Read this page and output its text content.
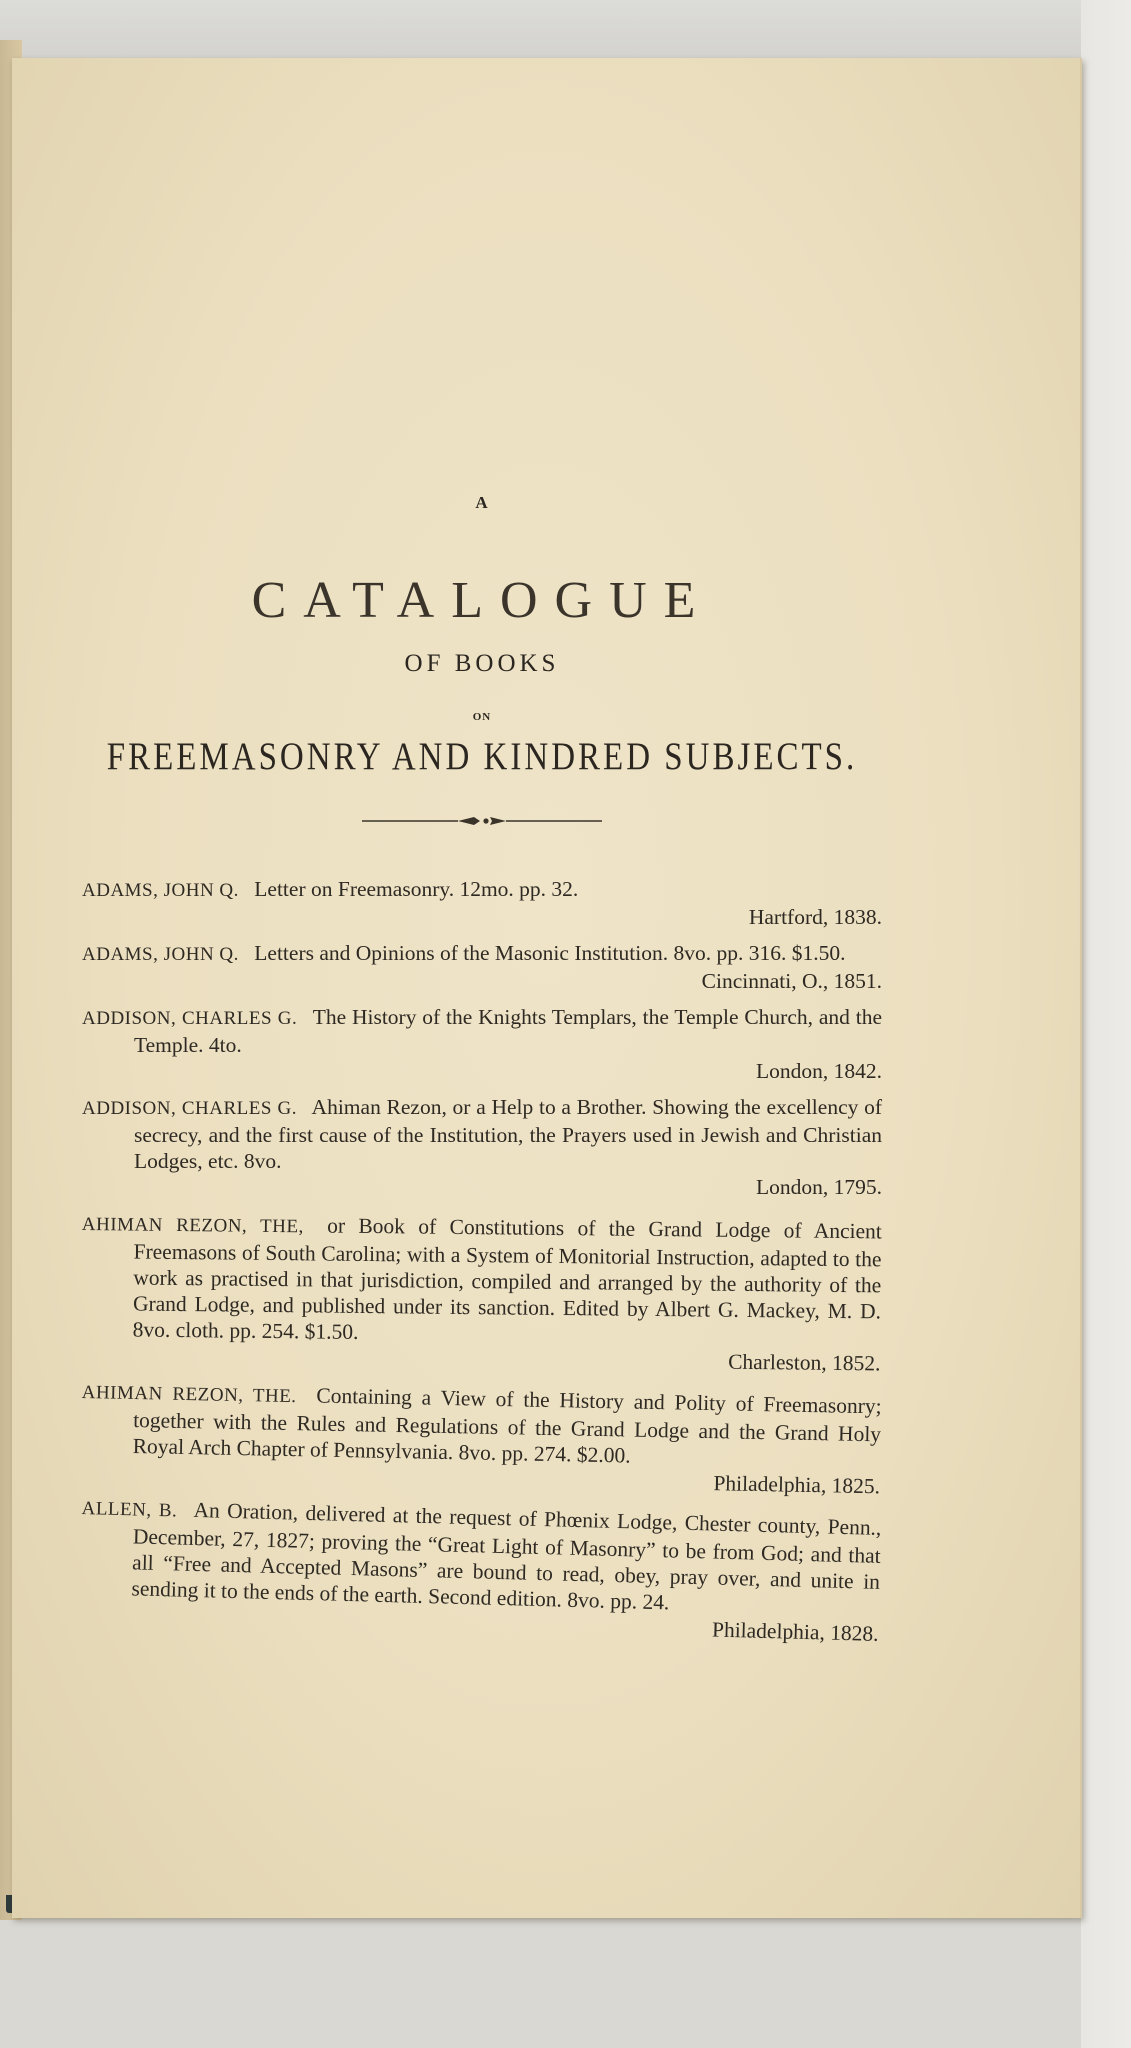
A
CATALOGUE
OF BOOKS
ON
FREEMASONRY AND KINDRED SUBJECTS.

ADAMS, JOHN Q. Letter on Freemasonry. 12mo. pp. 32.
Hartford, 1838.

ADAMS, JOHN Q. Letters and Opinions of the Masonic Institution. 8vo. pp. 316. $1.50.
Cincinnati, O., 1851.

ADDISON, CHARLES G. The History of the Knights Templars, the Temple Church, and the Temple. 4to.
London, 1842.

ADDISON, CHARLES G. Ahiman Rezon, or a Help to a Brother. Showing the excellency of secrecy, and the first cause of the Institution, the Prayers used in Jewish and Christian Lodges, etc. 8vo.
London, 1795.

AHIMAN REZON, THE, or Book of Constitutions of the Grand Lodge of Ancient Freemasons of South Carolina; with a System of Monitorial Instruction, adapted to the work as practised in that jurisdiction, compiled and arranged by the authority of the Grand Lodge, and published under its sanction. Edited by Albert G. Mackey, M. D. 8vo. cloth. pp. 254. $1.50.
Charleston, 1852.

AHIMAN REZON, THE. Containing a View of the History and Polity of Freemasonry; together with the Rules and Regulations of the Grand Lodge and the Grand Holy Royal Arch Chapter of Pennsylvania. 8vo. pp. 274. $2.00.
Philadelphia, 1825.

ALLEN, B. An Oration, delivered at the request of Phœnix Lodge, Chester county, Penn., December, 27, 1827; proving the “Great Light of Masonry” to be from God; and that all “Free and Accepted Masons” are bound to read, obey, pray over, and unite in sending it to the ends of the earth. Second edition. 8vo. pp. 24.
Philadelphia, 1828.
